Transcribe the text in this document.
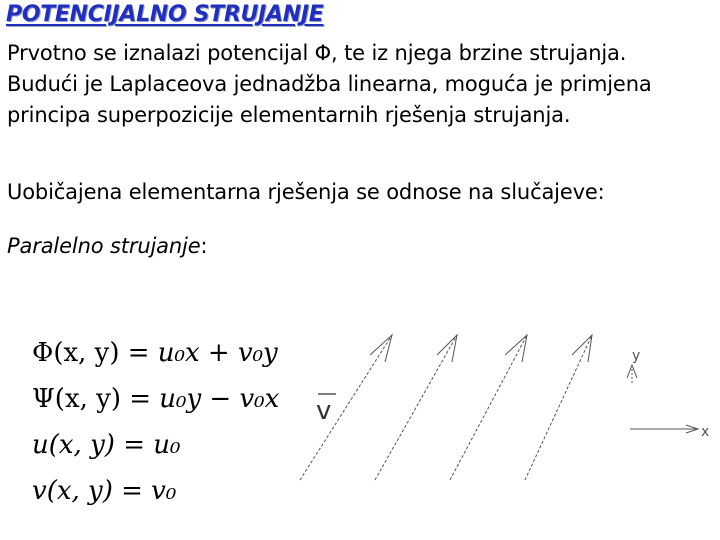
POTENCIJALNO STRUJANJE
Prvotno se iznalazi potencijal Φ, te iz njega brzine strujanja.
Budući je Laplaceova jednadžba linearna, moguća je primjena
principa superpozicije elementarnih rješenja strujanja.
Uobičajena elementarna rješenja se odnose na slučajeve:
Paralelno strujanje:
Φ(x, y)
= u₀x + v₀y
Ψ(x, y)
= u₀y − v₀x
u(x, y)
= u₀
v(x, y)
= v₀
v
y
x
